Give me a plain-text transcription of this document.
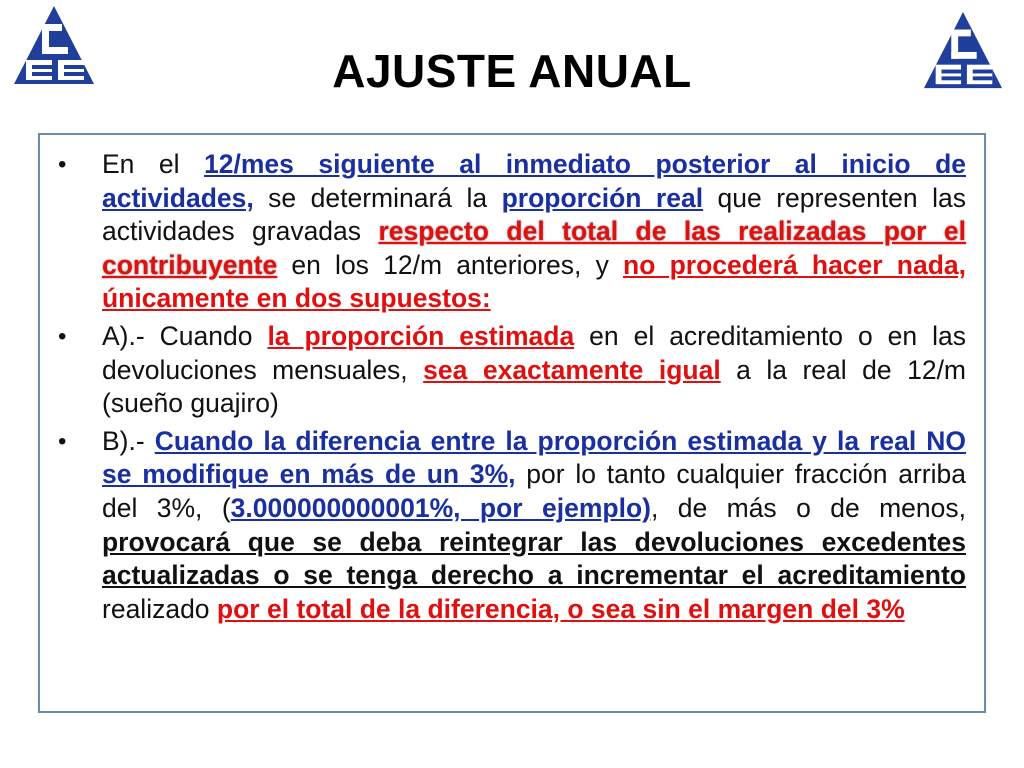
AJUSTE ANUAL
•	En el 12/mes siguiente al inmediato posterior al inicio de actividades, se determinará la proporción real que representen las actividades gravadas respecto del total de las realizadas por el contribuyente en los 12/m anteriores, y no procederá hacer nada, únicamente en dos supuestos:
•	A).- Cuando la proporción estimada en el acreditamiento o en las devoluciones mensuales, sea exactamente igual a la real de 12/m (sueño guajiro)
•	B).- Cuando la diferencia entre la proporción estimada y la real NO se modifique en más de un 3%, por lo tanto cualquier fracción arriba del 3%, (3.000000000001%, por ejemplo), de más o de menos, provocará que se deba reintegrar las devoluciones excedentes actualizadas o se tenga derecho a incrementar el acreditamiento realizado por el total de la diferencia, o sea sin el margen del 3%
